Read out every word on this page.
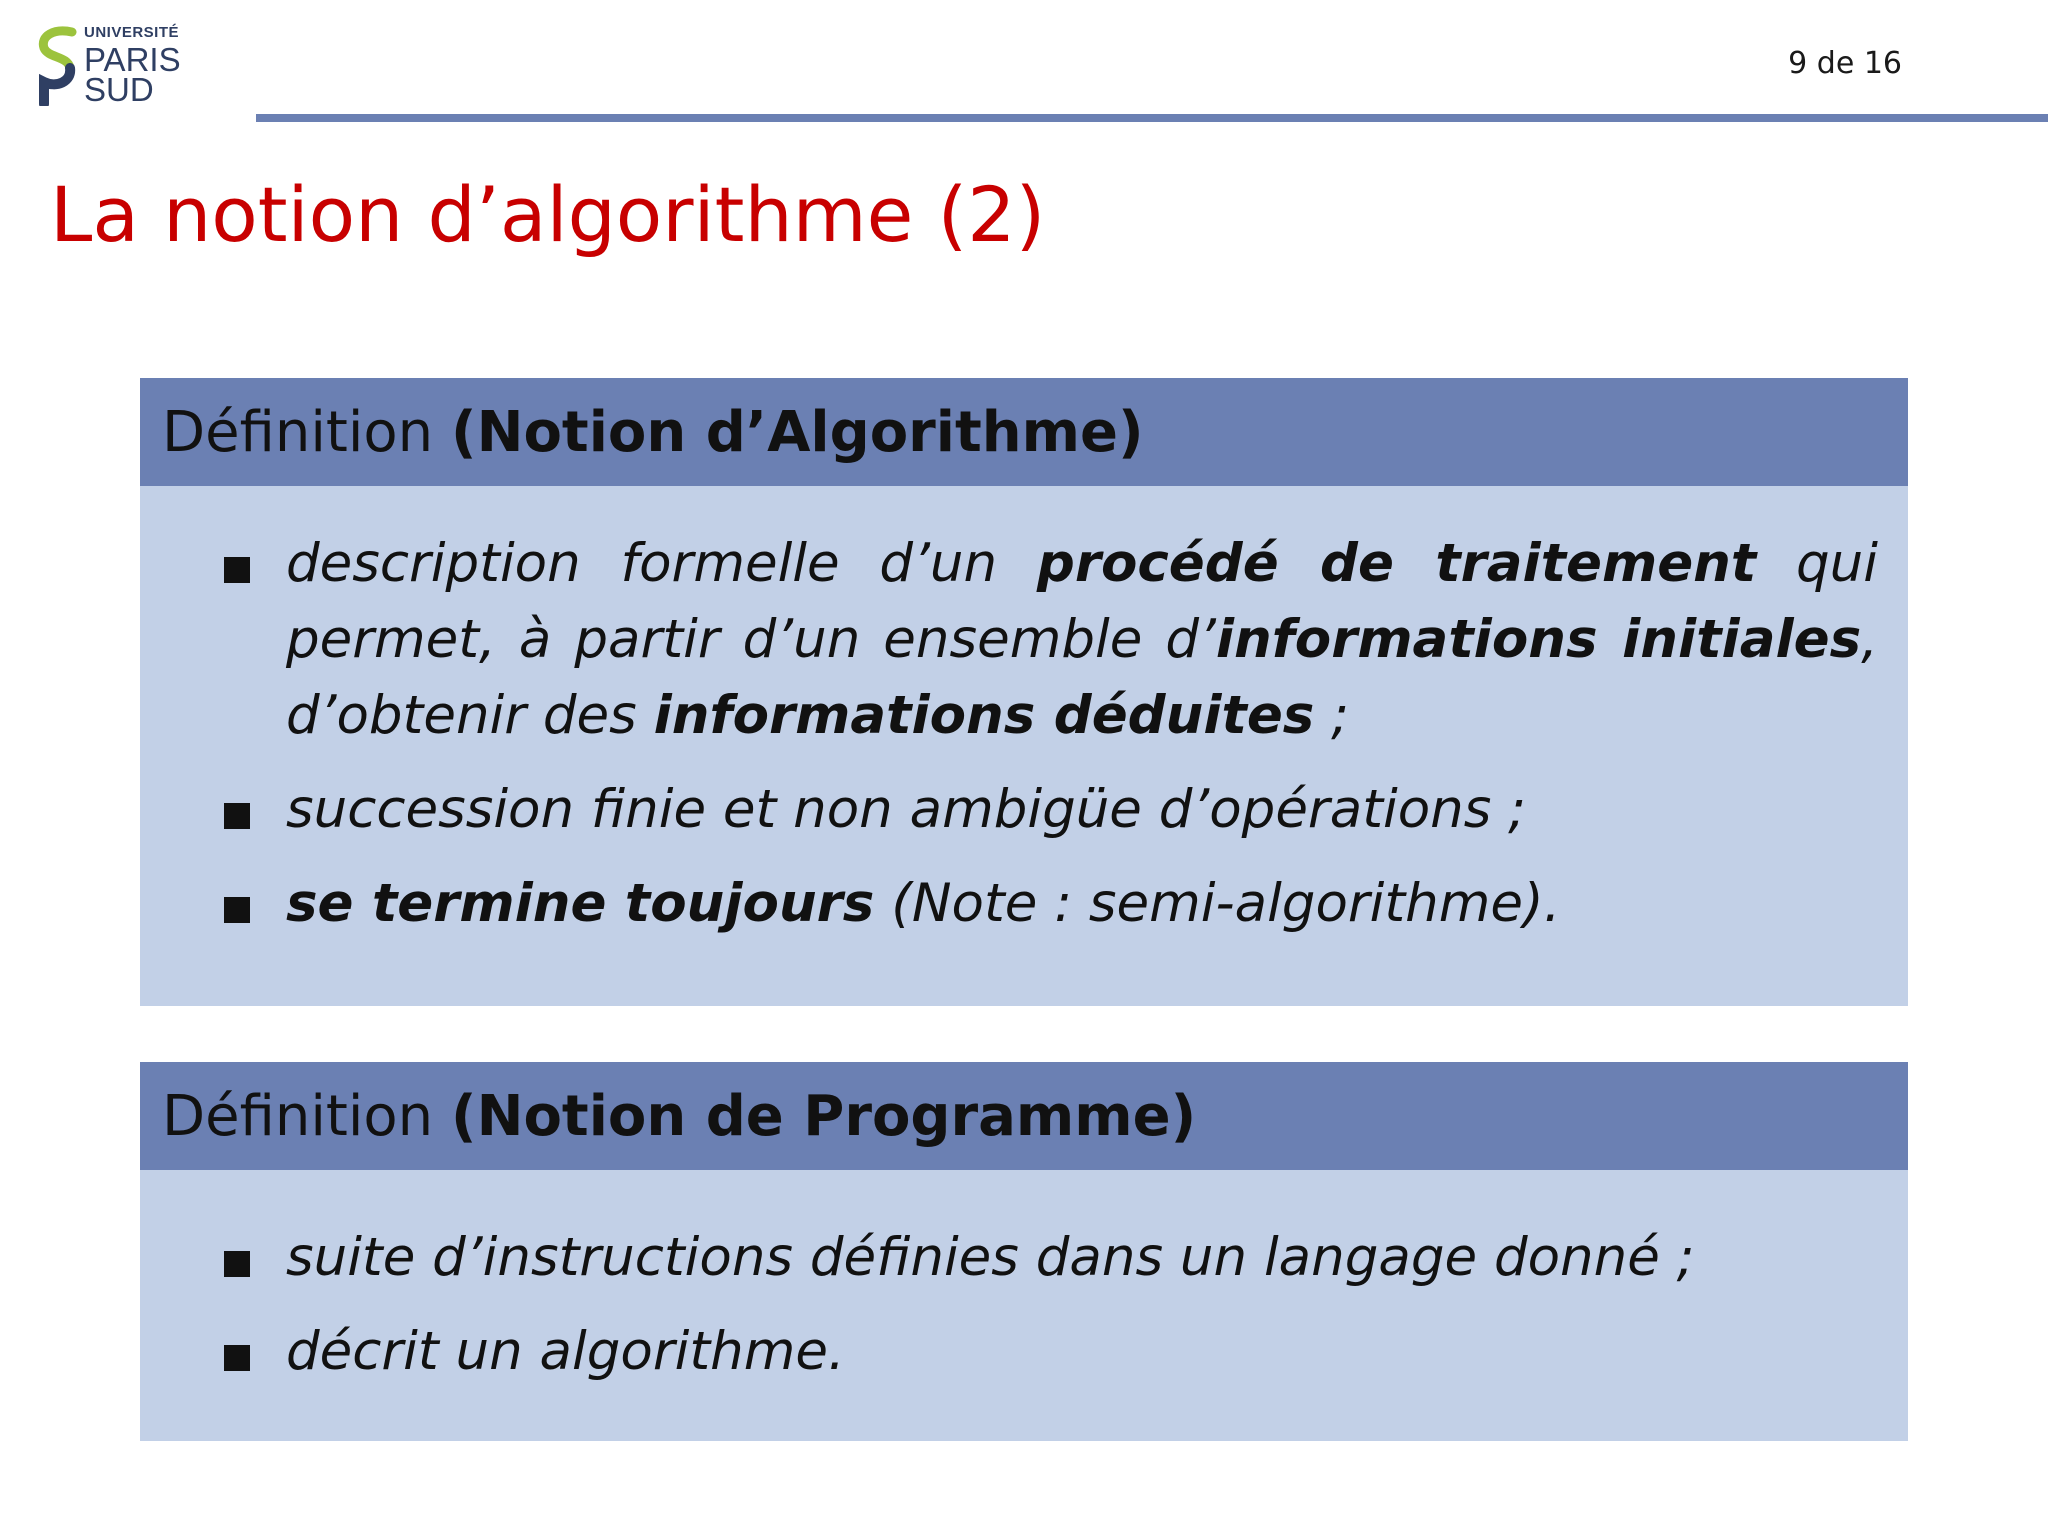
UNIVERSITÉ
PARIS
SUD
9 de 16
La notion d’algorithme (2)
Définition
(Notion d’Algorithme)
description formelle d’un procédé de traitement qui permet, à partir d’un ensemble d’informations initiales, d’obtenir des informations déduites ;
succession finie et non ambigüe d’opérations ;
se termine toujours (Note : semi-algorithme).
Définition
(Notion de Programme)
suite d’instructions définies dans un langage donné ;
décrit un algorithme.
